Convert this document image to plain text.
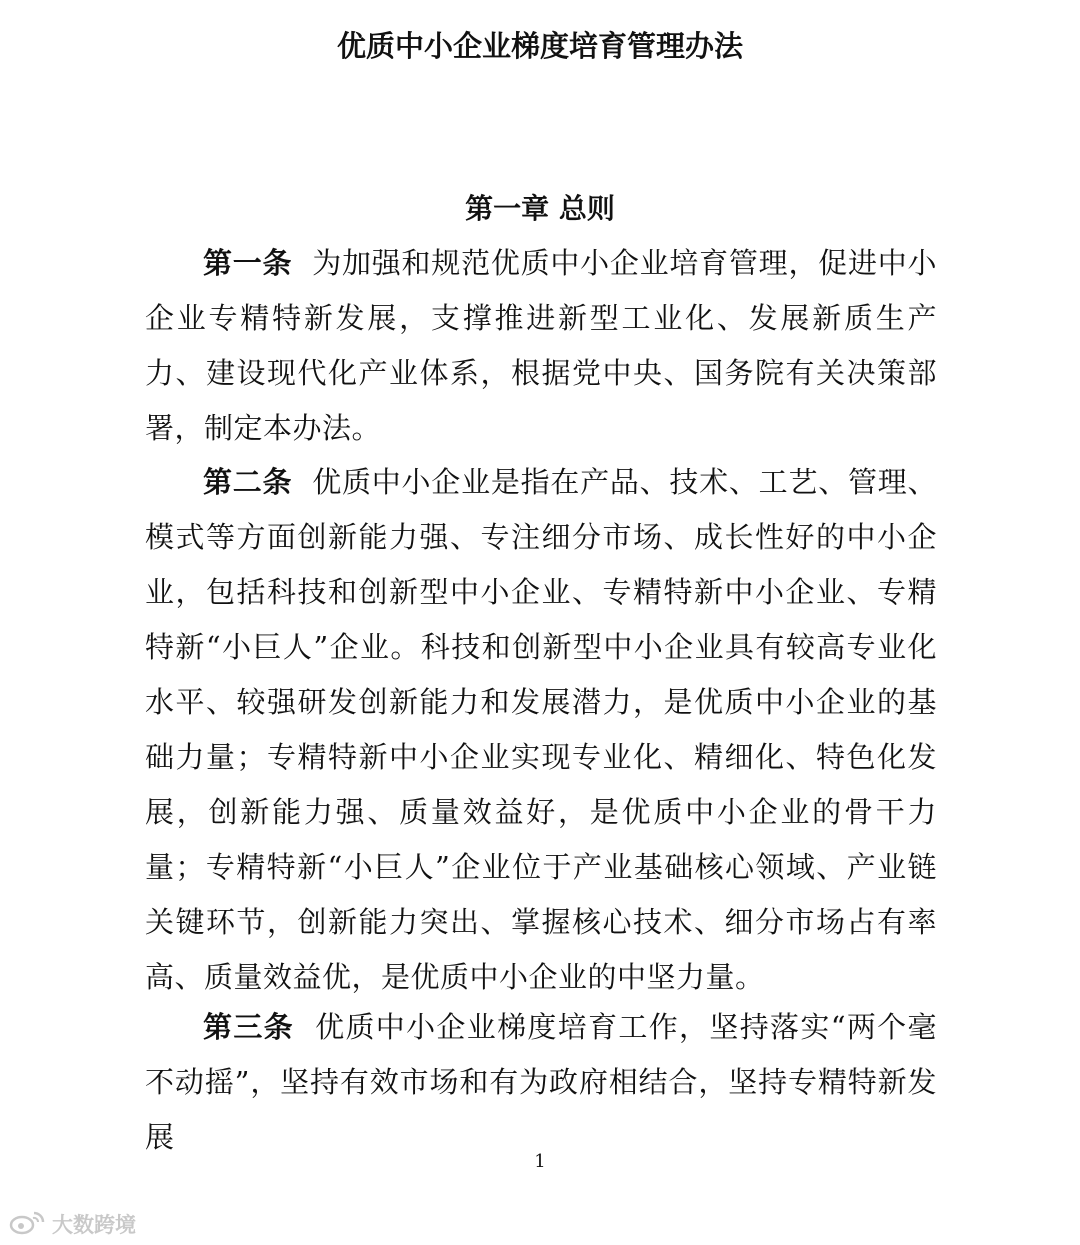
优质中小企业梯度培育管理办法
第一章 总则

第一条 为加强和规范优质中小企业培育管理，促进中小企业专精特新发展，支撑推进新型工业化、发展新质生产力、建设现代化产业体系，根据党中央、国务院有关决策部署，制定本办法。

第二条 优质中小企业是指在产品、技术、工艺、管理、模式等方面创新能力强、专注细分市场、成长性好的中小企业，包括科技和创新型中小企业、专精特新中小企业、专精特新“小巨人”企业。科技和创新型中小企业具有较高专业化水平、较强研发创新能力和发展潜力，是优质中小企业的基础力量；专精特新中小企业实现专业化、精细化、特色化发展，创新能力强、质量效益好，是优质中小企业的骨干力量；专精特新“小巨人”企业位于产业基础核心领域、产业链关键环节，创新能力突出、掌握核心技术、细分市场占有率高、质量效益优，是优质中小企业的中坚力量。

第三条 优质中小企业梯度培育工作，坚持落实“两个毫不动摇”，坚持有效市场和有为政府相结合，坚持专精特新发展

1
大数跨境
